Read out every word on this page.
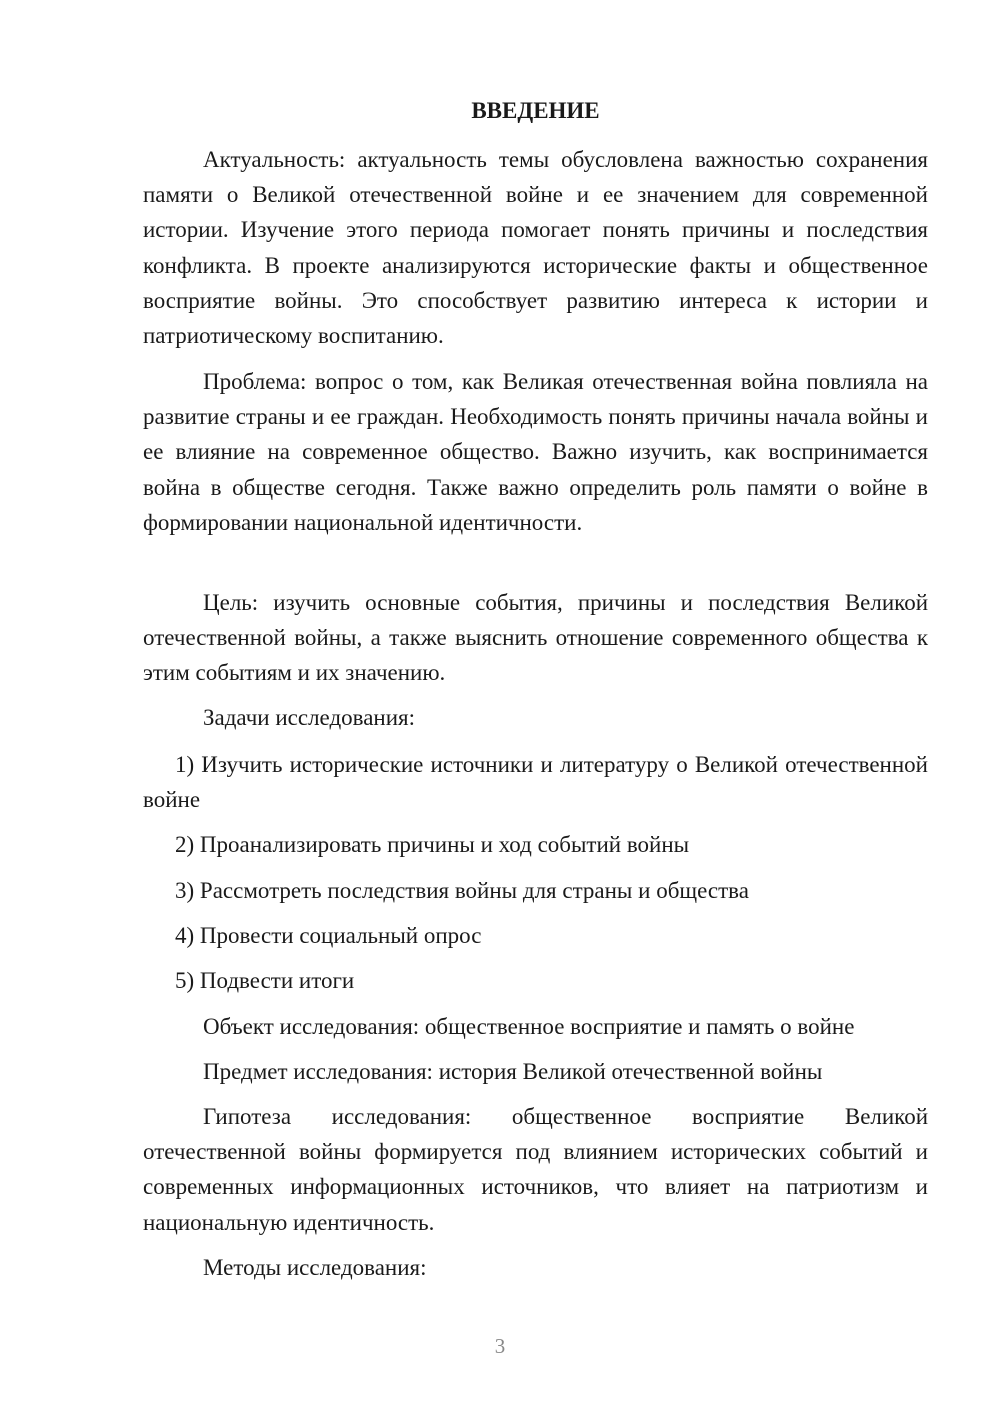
ВВЕДЕНИЕ

Актуальность: актуальность темы обусловлена важностью сохранения памяти о Великой отечественной войне и ее значением для современной истории. Изучение этого периода помогает понять причины и последствия конфликта. В проекте анализируются исторические факты и общественное восприятие войны. Это способствует развитию интереса к истории и патриотическому воспитанию.

Проблема: вопрос о том, как Великая отечественная война повлияла на развитие страны и ее граждан. Необходимость понять причины начала войны и ее влияние на современное общество. Важно изучить, как воспринимается война в обществе сегодня. Также важно определить роль памяти о войне в формировании национальной идентичности.

Цель: изучить основные события, причины и последствия Великой отечественной войны, а также выяснить отношение современного общества к этим событиям и их значению.

Задачи исследования:

1) Изучить исторические источники и литературу о Великой отечественной войне

2) Проанализировать причины и ход событий войны

3) Рассмотреть последствия войны для страны и общества

4) Провести социальный опрос

5) Подвести итоги

Объект исследования: общественное восприятие и память о войне

Предмет исследования: история Великой отечественной войны

Гипотеза исследования: общественное восприятие Великой отечественной войны формируется под влиянием исторических событий и современных информационных источников, что влияет на патриотизм и национальную идентичность.

Методы исследования:

3
